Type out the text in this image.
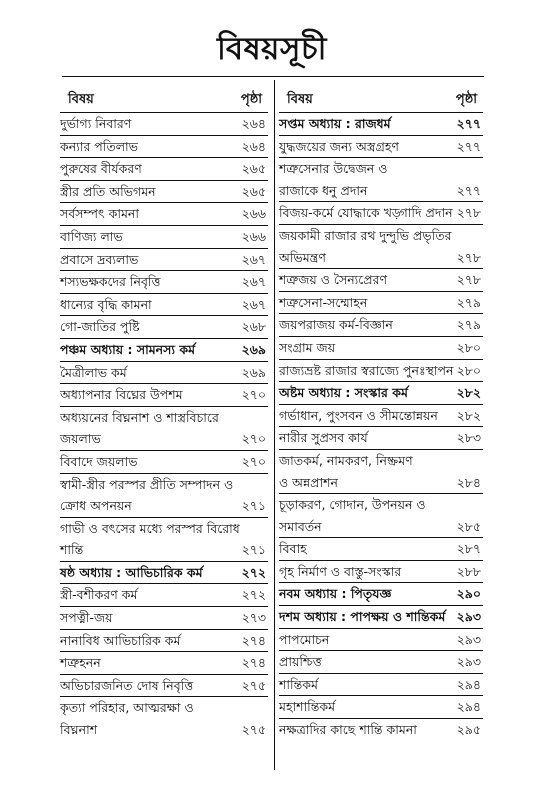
বিষয়সূচী
বিষয়	পৃষ্ঠা
দুর্ভাগ্য নিবারণ	২৬৪
কন্যার পতিলাভ	২৬৪
পুরুষের বীর্যকরণ	২৬৫
স্ত্রীর প্রতি অভিগমন	২৬৫
সর্বসম্পৎ কামনা	২৬৬
বাণিজ্য লাভ	২৬৬
প্রবাসে দ্রব্যলাভ	২৬৭
শস্যভক্ষকদের নিবৃত্তি	২৬৭
ধান্যের বৃদ্ধি কামনা	২৬৭
গো-জাতির পুষ্টি	২৬৮
পঞ্চম অধ্যায় : সামনস্য কর্ম	২৬৯
মৈত্রীলাভ কর্ম	২৬৯
অধ্যাপনার বিঘ্নের উপশম	২৭০
অধ্যয়নের বিঘ্ননাশ ও শাস্ত্রবিচারে
জয়লাভ	২৭০
বিবাদে জয়লাভ	২৭০
স্বামী-স্ত্রীর পরস্পর প্রীতি সম্পাদন ও
ক্রোধ অপনয়ন	২৭১
গাভী ও বৎসের মধ্যে পরস্পর বিরোধ
শান্তি	২৭১
ষষ্ঠ অধ্যায় : আভিচারিক কর্ম	২৭২
স্ত্রী-বশীকরণ কর্ম	২৭২
সপত্নী-জয়	২৭৩
নানাবিধ আভিচারিক কর্ম	২৭৪
শত্রুহনন	২৭৪
অভিচারজনিত দোষ নিবৃত্তি	২৭৫
কৃত্যা পরিহার, আত্মরক্ষা ও
বিঘ্ননাশ	২৭৫
বিষয়	পৃষ্ঠা
সপ্তম অধ্যায় : রাজধর্ম	২৭৭
যুদ্ধজয়ের জন্য অস্ত্রগ্রহণ	২৭৭
শত্রুসেনার উদ্বেজন ও
রাজাকে ধনু প্রদান	২৭৭
বিজয়-কর্মে যোদ্ধাকে খড়্গাদি প্রদান ২৭৮
জয়কামী রাজার রথ দুন্দুভি প্রভৃতির
অভিমন্ত্রণ	২৭৮
শত্রুজয় ও সৈন্যপ্রেরণ	২৭৮
শত্রুসেনা-সম্মোহন	২৭৯
জয়পরাজয় কর্ম-বিজ্ঞান	২৭৯
সংগ্রাম জয়	২৮০
রাজ্যভ্রষ্ট রাজার স্বরাজ্যে পুনঃস্থাপন ২৮০
অষ্টম অধ্যায় : সংস্কার কর্ম	২৮২
গর্ভাধান, পুংসবন ও সীমন্তোন্নয়ন ২৮২
নারীর সুপ্রসব কার্য	২৮৩
জাতকর্ম, নামকরণ, নিষ্ক্রমণ
ও অন্নপ্রাশন	২৮৪
চূড়াকরণ, গোদান, উপনয়ন ও
সমাবর্তন	২৮৫
বিবাহ	২৮৭
গৃহ নির্মাণ ও বাস্তু-সংস্কার	২৮৮
নবম অধ্যায় : পিতৃযজ্ঞ	২৯০
দশম অধ্যায় : পাপক্ষয় ও শান্তিকর্ম ২৯৩
পাপমোচন	২৯৩
প্রায়শ্চিত্ত	২৯৩
শান্তিকর্ম	২৯৪
মহাশান্তিকর্ম	২৯৪
নক্ষত্রাদির কাছে শান্তি কামনা	২৯৫
